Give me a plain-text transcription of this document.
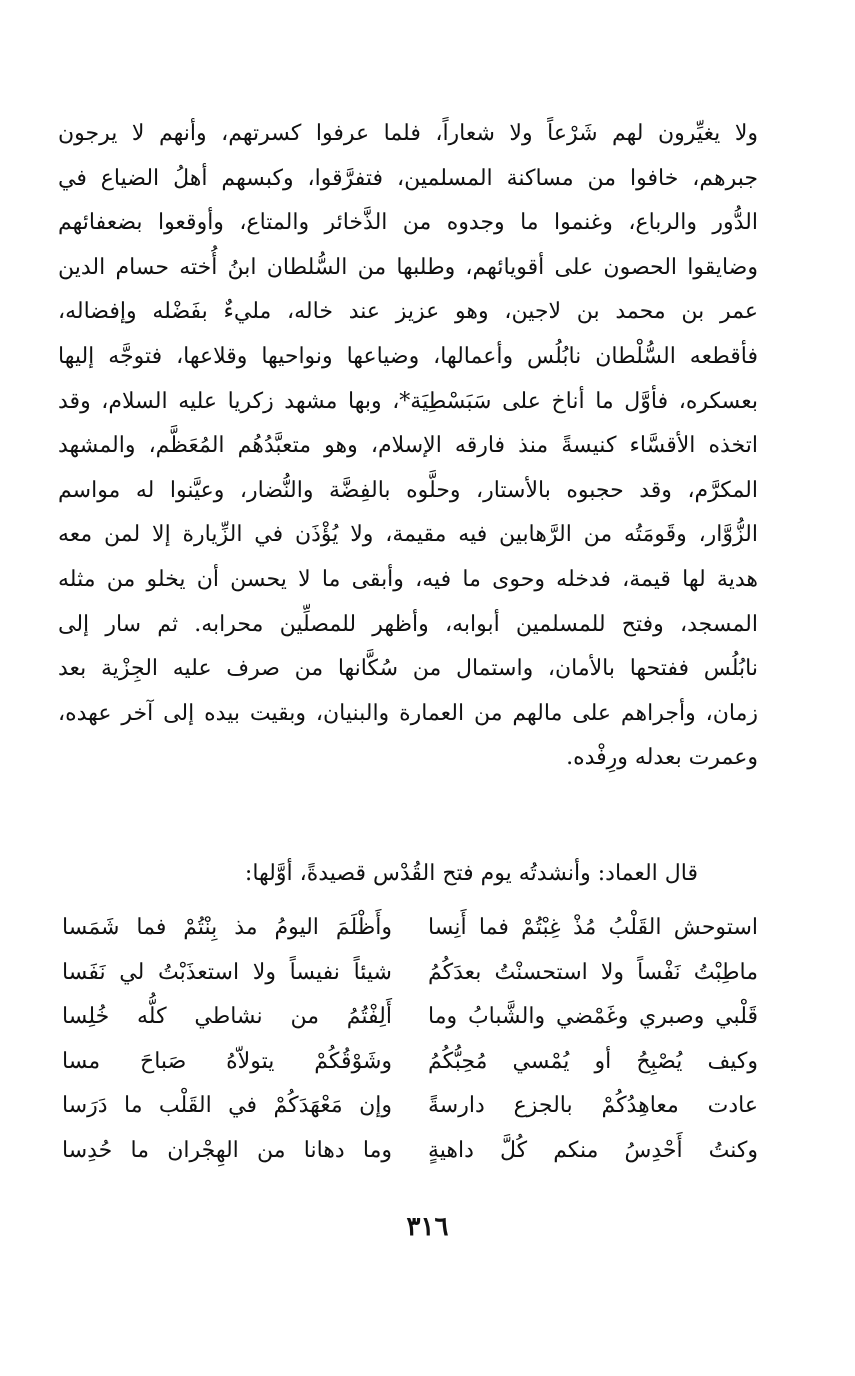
ولا يغيِّرون لهم شَرْعاً ولا شعاراً، فلما عرفوا كسرتهم، وأنهم لا يرجون
جبرهم، خافوا من مساكنة المسلمين، فتفرَّقوا، وكبسهم أهلُ الضياع في
الدُّور والرباع، وغنموا ما وجدوه من الذَّخائر والمتاع، وأوقعوا بضعفائهم
وضايقوا الحصون على أقويائهم، وطلبها من السُّلطان ابنُ أُخته حسام الدين
عمر بن محمد بن لاجين، وهو عزيز عند خاله، مليءٌ بفَضْله وإفضاله،
فأقطعه السُّلْطان نابُلُس وأعمالها، وضياعها ونواحيها وقلاعها، فتوجَّه إليها
بعسكره، فأوَّل ما أناخ على سَبَسْطِيَة*، وبها مشهد زكريا عليه السلام، وقد
اتخذه الأقسَّاء كنيسةً منذ فارقه الإسلام، وهو متعبَّدُهُم المُعَظَّم، والمشهد
المكرَّم، وقد حجبوه بالأستار، وحلَّوه بالفِضَّة والنُّضار، وعيَّنوا له مواسم
الزُّوَّار، وقَومَتُه من الرَّهابين فيه مقيمة، ولا يُؤْذَن في الزِّيارة إلا لمن معه
هدية لها قيمة، فدخله وحوى ما فيه، وأبقى ما لا يحسن أن يخلو من مثله
المسجد، وفتح للمسلمين أبوابه، وأظهر للمصلِّين محرابه. ثم سار إلى
نابُلُس ففتحها بالأمان، واستمال من سُكَّانها من صرف عليه الجِزْية بعد
زمان، وأجراهم على مالهم من العمارة والبنيان، وبقيت بيده إلى آخر عهده،
وعمرت بعدله ورِفْده.
قال العماد: وأنشدتُه يوم فتح القُدْس قصيدةً، أوَّلها:
استوحش القَلْبُ مُذْ غِبْتُمْ فما أَنِسا
وأَظْلَمَ اليومُ مذ بِنْتُمْ فما شَمَسا
ماطِبْتُ نَفْساً ولا استحسنْتُ بعدَكُمُ
شيئاً نفيساً ولا استعذَبْتُ لي نَفَسا
قَلْبي وصبري وغَمْضي والشَّبابُ وما
أَلِفْتُمُ من نشاطي كلُّه خُلِسا
وكيف يُصْبِحُ أو يُمْسي مُحِبُّكُمُ
وشَوْقُكُمْ يتولاّهُ صَباحَ مسا
عادت معاهِدُكُمْ بالجزع دارسةً
وإن مَعْهَدَكُمْ في القَلْب ما دَرَسا
وكنتُ أَحْدِسُ منكم كُلَّ داهيةٍ
وما دهانا من الهِجْران ما حُدِسا
٣١٦
